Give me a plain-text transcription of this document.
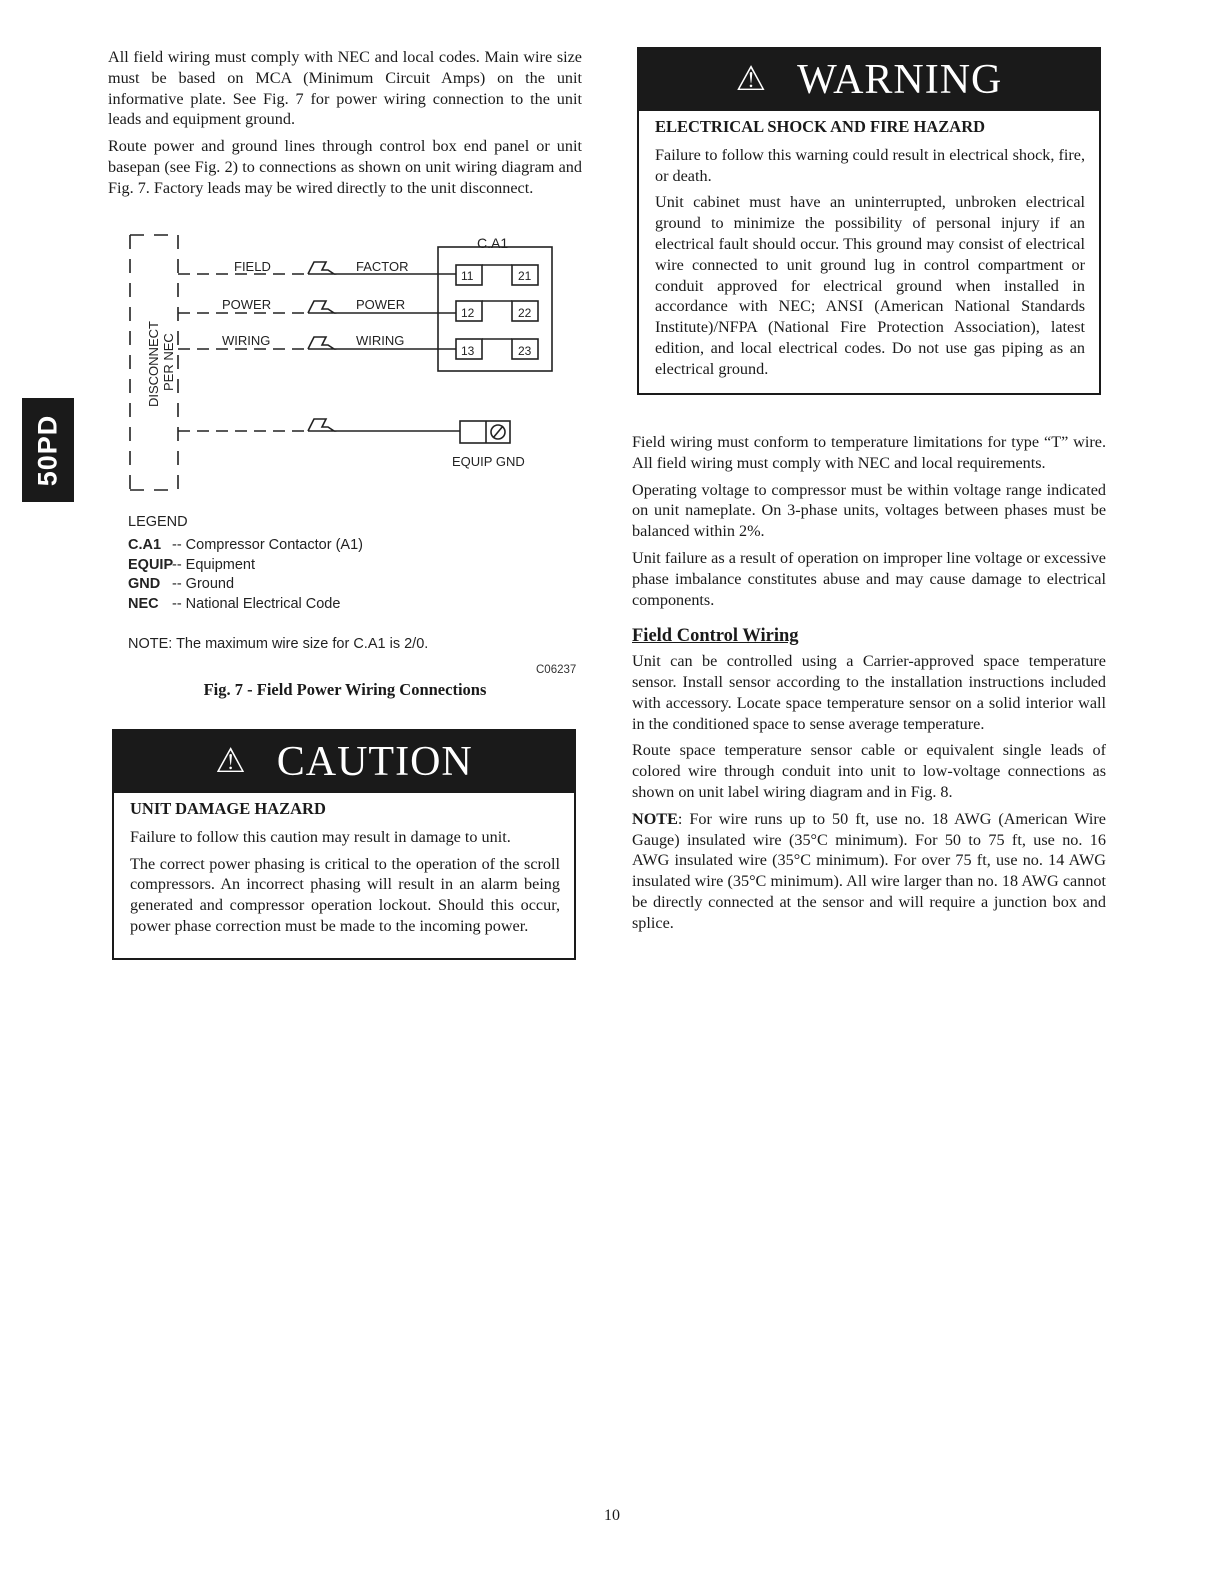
50PD

All field wiring must comply with NEC and local codes. Main wire size must be based on MCA (Minimum Circuit Amps) on the unit informative plate. See Fig. 7 for power wiring connection to the unit leads and equipment ground.

Route power and ground lines through control box end panel or unit basepan (see Fig. 2) to connections as shown on unit wiring diagram and Fig. 7. Factory leads may be wired directly to the unit disconnect.

C.A1
FIELD
POWER
WIRING
FACTOR
POWER
WIRING
11
12
13
21
22
23
EQUIP GND
DISCONNECT PER NEC
LEGEND
C.A1 -- Compressor Contactor (A1)
EQUIP
-- Equipment
GND -- Ground
NEC -- National Electrical Code
NOTE: The maximum wire size for C.A1 is 2/0.
C06237
Fig. 7 - Field Power Wiring Connections
⚠ CAUTION
UNIT DAMAGE HAZARD

Failure to follow this caution may result in damage to unit.

The correct power phasing is critical to the operation of the scroll compressors. An incorrect phasing will result in an alarm being generated and compressor operation lockout. Should this occur, power phase correction must be made to the incoming power.

⚠ WARNING
ELECTRICAL SHOCK AND FIRE HAZARD

Failure to follow this warning could result in electrical shock, fire, or death.

Unit cabinet must have an uninterrupted, unbroken electrical ground to minimize the possibility of personal injury if an electrical fault should occur. This ground may consist of electrical wire connected to unit ground lug in control compartment or conduit approved for electrical ground when installed in accordance with NEC; ANSI (American National Standards Institute)/NFPA (National Fire Protection Association), latest edition, and local electrical codes. Do not use gas piping as an electrical ground.

Field wiring must conform to temperature limitations for type “T” wire. All field wiring must comply with NEC and local requirements.

Operating voltage to compressor must be within voltage range indicated on unit nameplate. On 3-phase units, voltages between phases must be balanced within 2%.

Unit failure as a result of operation on improper line voltage or excessive phase imbalance constitutes abuse and may cause damage to electrical components.

Field Control Wiring

Unit can be controlled using a Carrier-approved space temperature sensor. Install sensor according to the installation instructions included with accessory. Locate space temperature sensor on a solid interior wall in the conditioned space to sense average temperature.

Route space temperature sensor cable or equivalent single leads of colored wire through conduit into unit to low-voltage connections as shown on unit label wiring diagram and in Fig. 8.

NOTE: For wire runs up to 50 ft, use no. 18 AWG (American Wire Gauge) insulated wire (35°C minimum). For 50 to 75 ft, use no. 16 AWG insulated wire (35°C minimum). For over 75 ft, use no. 14 AWG insulated wire (35°C minimum). All wire larger than no. 18 AWG cannot be directly connected at the sensor and will require a junction box and splice.

10
